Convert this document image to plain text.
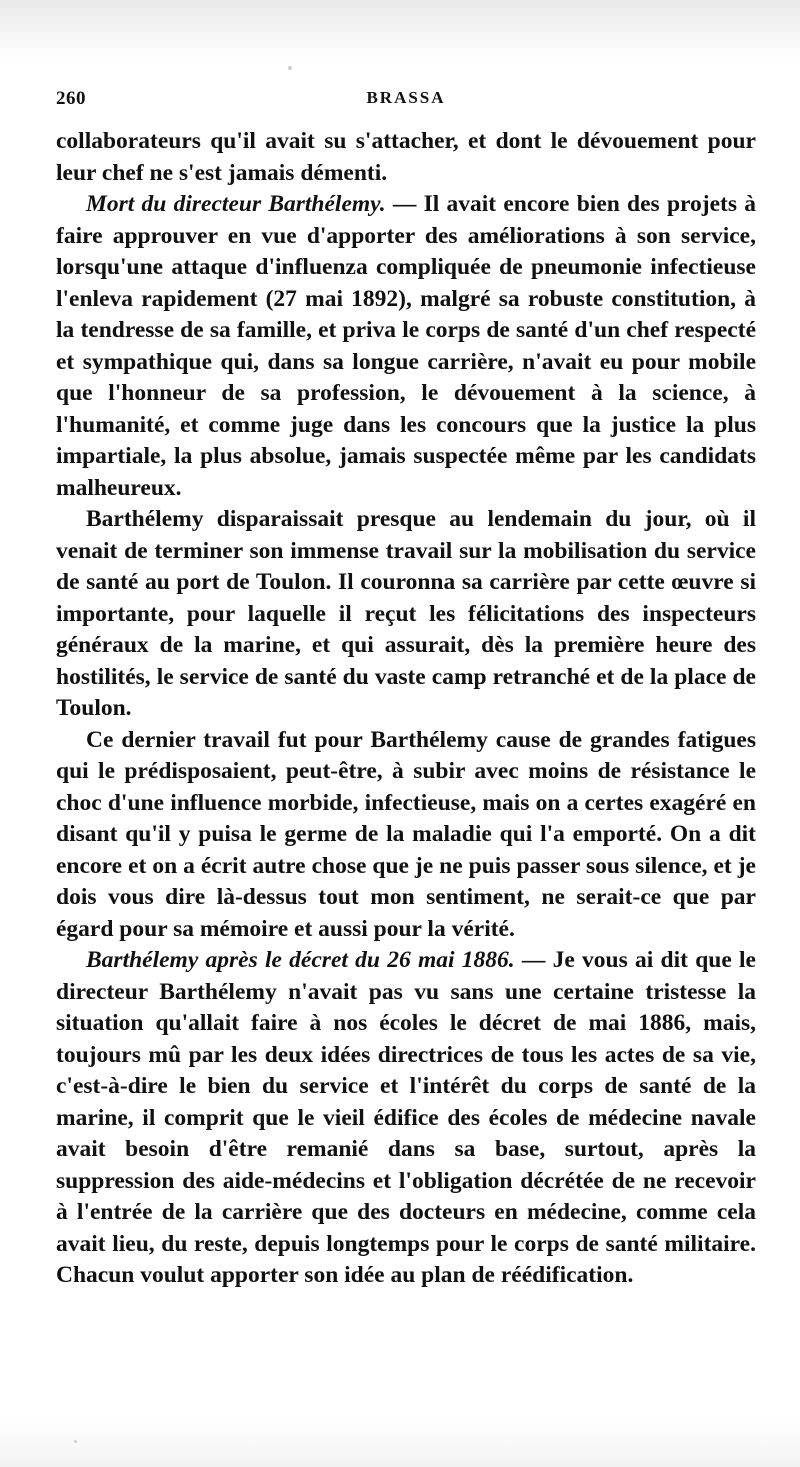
260	BRASSA

collaborateurs qu'il avait su s'attacher, et dont le dévouement pour leur chef ne s'est jamais démenti.

Mort du directeur Barthélemy. — Il avait encore bien des projets à faire approuver en vue d'apporter des améliorations à son service, lorsqu'une attaque d'influenza compliquée de pneumonie infectieuse l'enleva rapidement (27 mai 1892), malgré sa robuste constitution, à la tendresse de sa famille, et priva le corps de santé d'un chef respecté et sympathique qui, dans sa longue carrière, n'avait eu pour mobile que l'honneur de sa profession, le dévouement à la science, à l'humanité, et comme juge dans les concours que la justice la plus impartiale, la plus absolue, jamais suspectée même par les candidats malheureux.

Barthélemy disparaissait presque au lendemain du jour, où il venait de terminer son immense travail sur la mobilisation du service de santé au port de Toulon. Il couronna sa carrière par cette œuvre si importante, pour laquelle il reçut les félicitations des inspecteurs généraux de la marine, et qui assurait, dès la première heure des hostilités, le service de santé du vaste camp retranché et de la place de Toulon.

Ce dernier travail fut pour Barthélemy cause de grandes fatigues qui le prédisposaient, peut-être, à subir avec moins de résistance le choc d'une influence morbide, infectieuse, mais on a certes exagéré en disant qu'il y puisa le germe de la maladie qui l'a emporté. On a dit encore et on a écrit autre chose que je ne puis passer sous silence, et je dois vous dire là-dessus tout mon sentiment, ne serait-ce que par égard pour sa mémoire et aussi pour la vérité.

Barthélemy après le décret du 26 mai 1886. — Je vous ai dit que le directeur Barthélemy n'avait pas vu sans une certaine tristesse la situation qu'allait faire à nos écoles le décret de mai 1886, mais, toujours mû par les deux idées directrices de tous les actes de sa vie, c'est-à-dire le bien du service et l'intérêt du corps de santé de la marine, il comprit que le vieil édifice des écoles de médecine navale avait besoin d'être remanié dans sa base, surtout, après la suppression des aide-médecins et l'obligation décrétée de ne recevoir à l'entrée de la carrière que des docteurs en médecine, comme cela avait lieu, du reste, depuis longtemps pour le corps de santé militaire. Chacun voulut apporter son idée au plan de réédification.
